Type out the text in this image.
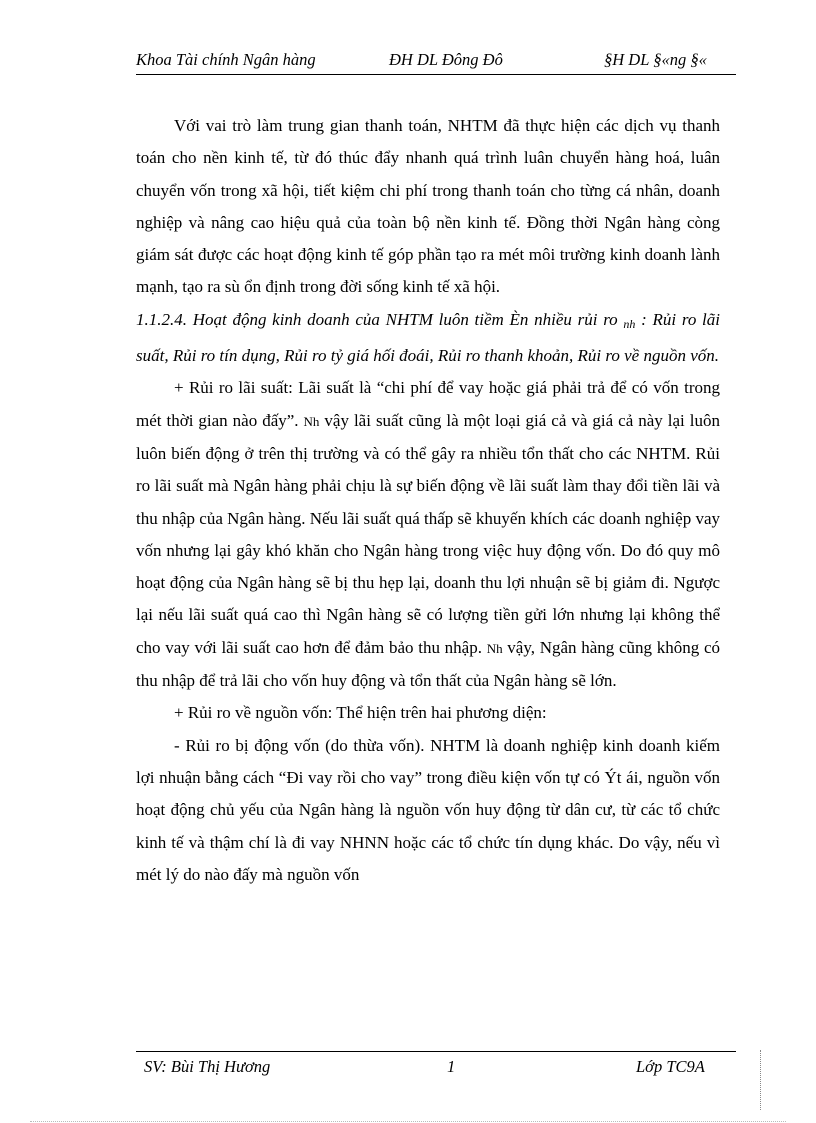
Khoa Tài chính Ngân hàng	ĐH DL Đông Đô	§H DL §«ng §«

Với vai trò làm trung gian thanh toán, NHTM đã thực hiện các dịch vụ thanh toán cho nền kinh tế, từ đó thúc đẩy nhanh quá trình luân chuyển hàng hoá, luân chuyển vốn trong xã hội, tiết kiệm chi phí trong thanh toán cho từng cá nhân, doanh nghiệp và nâng cao hiệu quả của toàn bộ nền kinh tế. Đồng thời Ngân hàng còng giám sát được các hoạt động kinh tế góp phần tạo ra mét môi trường kinh doanh lành mạnh, tạo ra sù ổn định trong đời sống kinh tế xã hội.

1.1.2.4. Hoạt động kinh doanh của NHTM luôn tiềm Èn nhiều rủi ro $_{nh}$ : Rủi ro lãi suất, Rủi ro tín dụng, Rủi ro tỷ giá hối đoái, Rủi ro thanh khoản, Rủi ro về nguồn vốn.

+ Rủi ro lãi suất: Lãi suất là “chi phí để vay hoặc giá phải trả để có vốn trong mét thời gian nào đấy”. Nh vậy lãi suất cũng là một loại giá cả và giá cả này lại luôn luôn biến động ở trên thị trường và có thể gây ra nhiều tổn thất cho các NHTM. Rủi ro lãi suất mà Ngân hàng phải chịu là sự biến động về lãi suất làm thay đổi tiền lãi và thu nhập của Ngân hàng. Nếu lãi suất quá thấp sẽ khuyến khích các doanh nghiệp vay vốn nhưng lại gây khó khăn cho Ngân hàng trong việc huy động vốn. Do đó quy mô hoạt động của Ngân hàng sẽ bị thu hẹp lại, doanh thu lợi nhuận sẽ bị giảm đi. Ngược lại nếu lãi suất quá cao thì Ngân hàng sẽ có lượng tiền gửi lớn nhưng lại không thể cho vay với lãi suất cao hơn để đảm bảo thu nhập. Nh vậy, Ngân hàng cũng không có thu nhập để trả lãi cho vốn huy động và tổn thất của Ngân hàng sẽ lớn.

+ Rủi ro về nguồn vốn: Thể hiện trên hai phương diện:

- Rủi ro bị động vốn (do thừa vốn). NHTM là doanh nghiệp kinh doanh kiếm lợi nhuận bằng cách “Đi vay rồi cho vay” trong điều kiện vốn tự có Ýt ái, nguồn vốn hoạt động chủ yếu của Ngân hàng là nguồn vốn huy động từ dân cư, từ các tổ chức kinh tế và thậm chí là đi vay NHNN hoặc các tổ chức tín dụng khác. Do vậy, nếu vì mét lý do nào đấy mà nguồn vốn

SV: Bùi Thị Hương	1	Lớp TC9A
